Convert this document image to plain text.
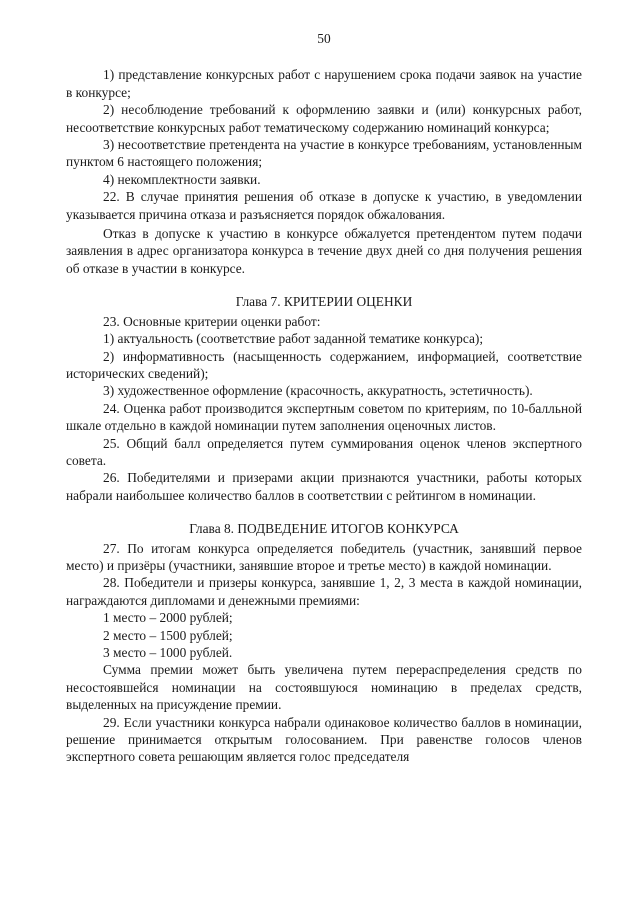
50

1) представление конкурсных работ с нарушением срока подачи заявок на участие в конкурсе;

2) несоблюдение требований к оформлению заявки и (или) конкурсных работ, несоответствие конкурсных работ тематическому содержанию номинаций конкурса;

3) несоответствие претендента на участие в конкурсе требованиям, установленным пунктом 6 настоящего положения;

4) некомплектности заявки.

22. В случае принятия решения об отказе в допуске к участию, в уведомлении указывается причина отказа и разъясняется порядок обжалования.

Отказ в допуске к участию в конкурсе обжалуется претендентом путем подачи заявления в адрес организатора конкурса в течение двух дней со дня получения решения об отказе в участии в конкурсе.

Глава 7. КРИТЕРИИ ОЦЕНКИ

23. Основные критерии оценки работ:

1) актуальность (соответствие работ заданной тематике конкурса);

2) информативность (насыщенность содержанием, информацией, соответствие исторических сведений);

3) художественное оформление (красочность, аккуратность, эстетичность).

24. Оценка работ производится экспертным советом по критериям, по 10-балльной шкале отдельно в каждой номинации путем заполнения оценочных листов.

25. Общий балл определяется путем суммирования оценок членов экспертного совета.

26. Победителями и призерами акции признаются участники, работы которых набрали наибольшее количество баллов в соответствии с рейтингом в номинации.

Глава 8. ПОДВЕДЕНИЕ ИТОГОВ КОНКУРСА

27. По итогам конкурса определяется победитель (участник, занявший первое место) и призёры (участники, занявшие второе и третье место) в каждой номинации.

28. Победители и призеры конкурса, занявшие 1, 2, 3 места в каждой номинации, награждаются дипломами и денежными премиями:

1 место – 2000 рублей;

2 место – 1500 рублей;

3 место – 1000 рублей.

Сумма премии может быть увеличена путем перераспределения средств по несостоявшейся номинации на состоявшуюся номинацию в пределах средств, выделенных на присуждение премии.

29. Если участники конкурса набрали одинаковое количество баллов в номинации, решение принимается открытым голосованием. При равенстве голосов членов экспертного совета решающим является голос председателя
